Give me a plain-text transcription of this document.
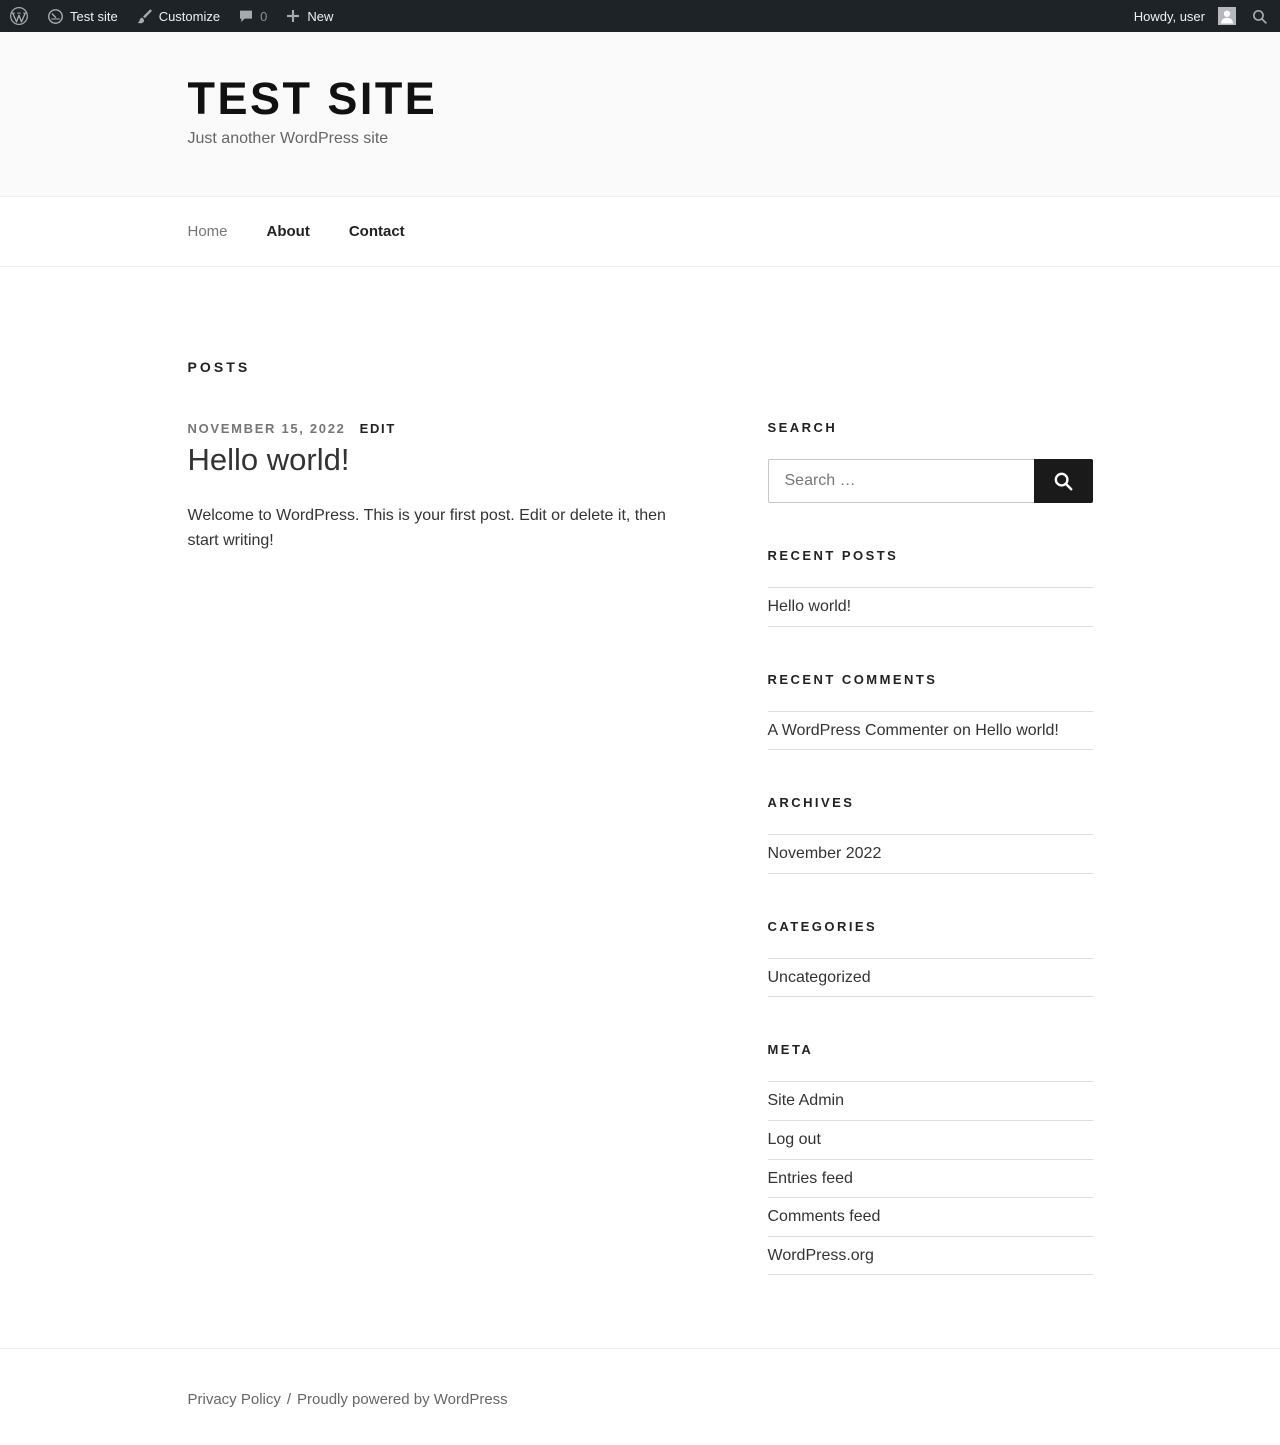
Test site	Customize	0	New	Howdy, user
TEST SITE
Just another WordPress site
Home	About	Contact
POSTS
NOVEMBER 15, 2022 EDIT
Hello world!

Welcome to WordPress. This is your first post. Edit or delete it, then start writing!

SEARCH
Search …
RECENT POSTS
Hello world!
RECENT COMMENTS
A WordPress Commenter on Hello world!
ARCHIVES
November 2022
CATEGORIES
Uncategorized
META
Site Admin
Log out
Entries feed
Comments feed
WordPress.org
Privacy Policy / Proudly powered by WordPress
